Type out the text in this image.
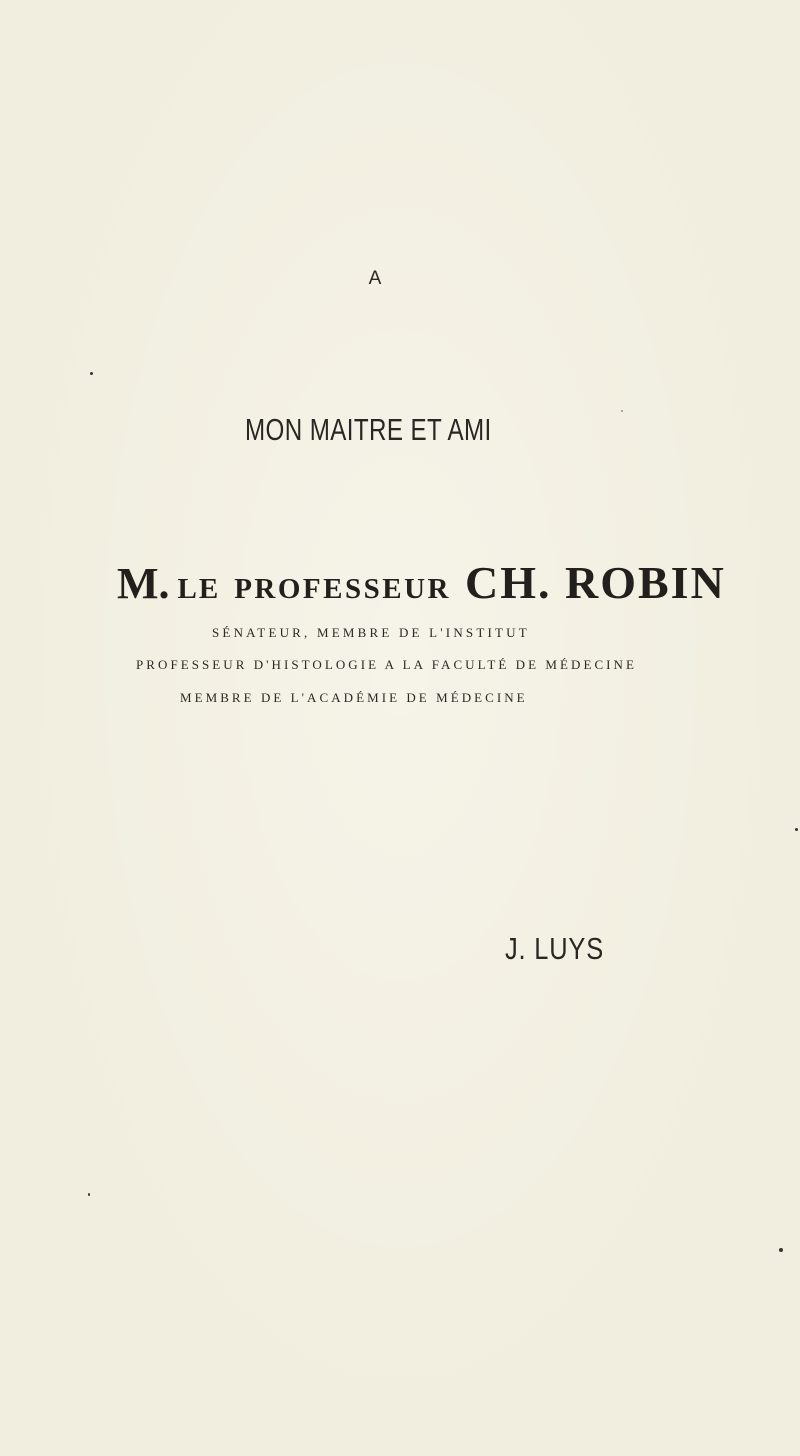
A
MON MAITRE ET AMI
M. LE PROFESSEUR CH. ROBIN
SÉNATEUR, MEMBRE DE L'INSTITUT
PROFESSEUR D'HISTOLOGIE A LA FACULTÉ DE MÉDECINE
MEMBRE DE L'ACADÉMIE DE MÉDECINE
J. LUYS
